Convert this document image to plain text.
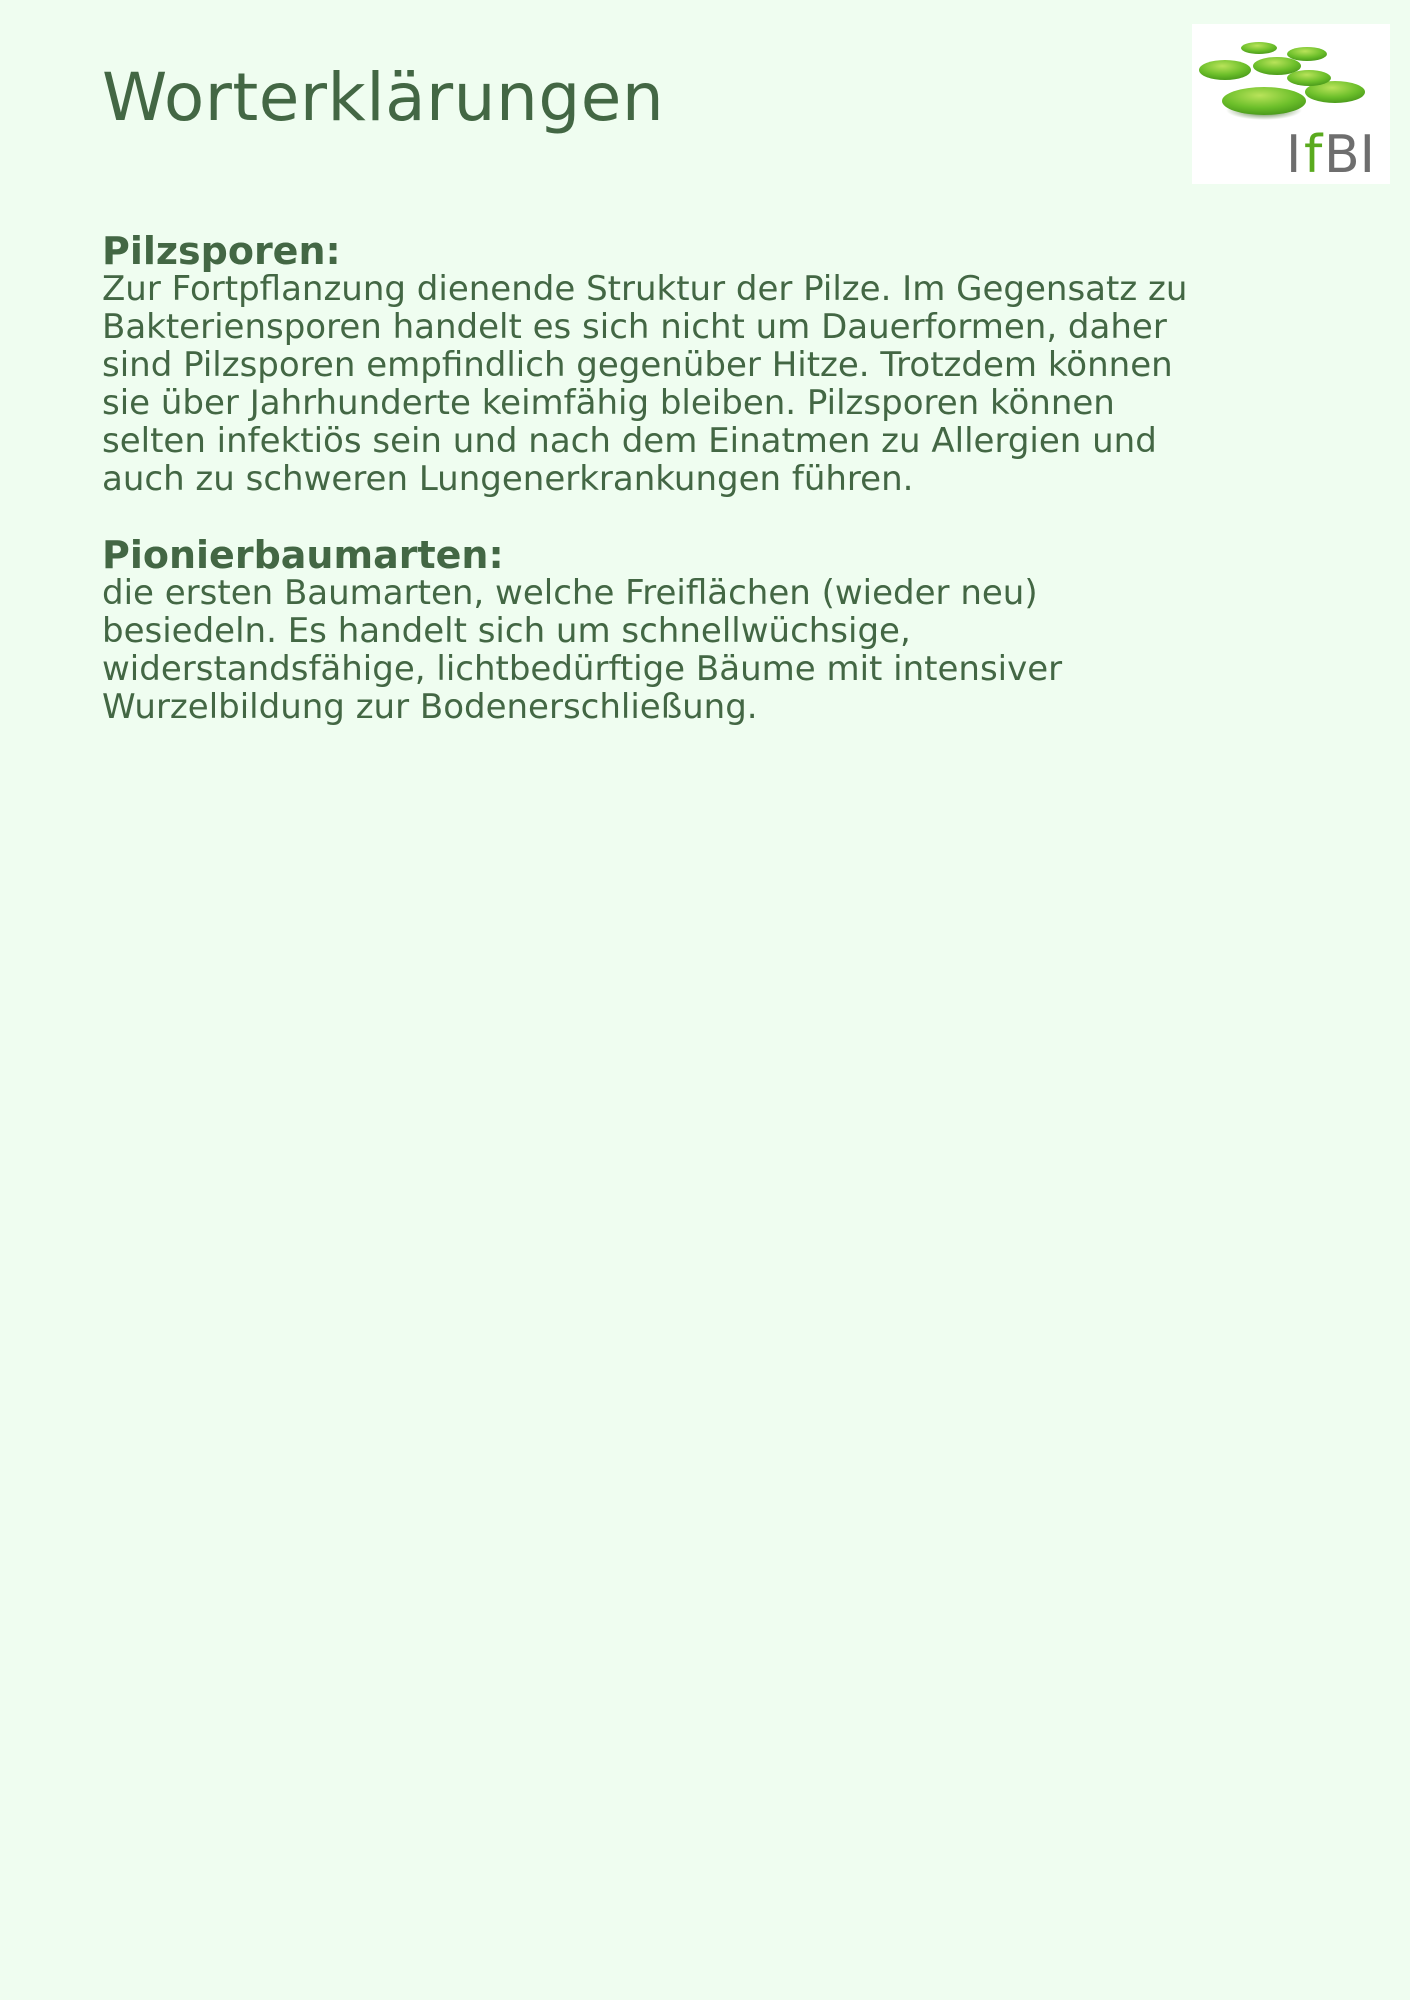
Worterklärungen
I f BI
Pilzsporen:

Zur Fortpflanzung dienende Struktur der Pilze. Im Gegensatz zu
Bakteriensporen handelt es sich nicht um Dauerformen, daher
sind Pilzsporen empfindlich gegenüber Hitze. Trotzdem können
sie über Jahrhunderte keimfähig bleiben. Pilzsporen können
selten infektiös sein und nach dem Einatmen zu Allergien und
auch zu schweren Lungenerkrankungen führen.

Pionierbaumarten:

die ersten Baumarten, welche Freiflächen (wieder neu)
besiedeln. Es handelt sich um schnellwüchsige,
widerstandsfähige, lichtbedürftige Bäume mit intensiver
Wurzelbildung zur Bodenerschließung.
